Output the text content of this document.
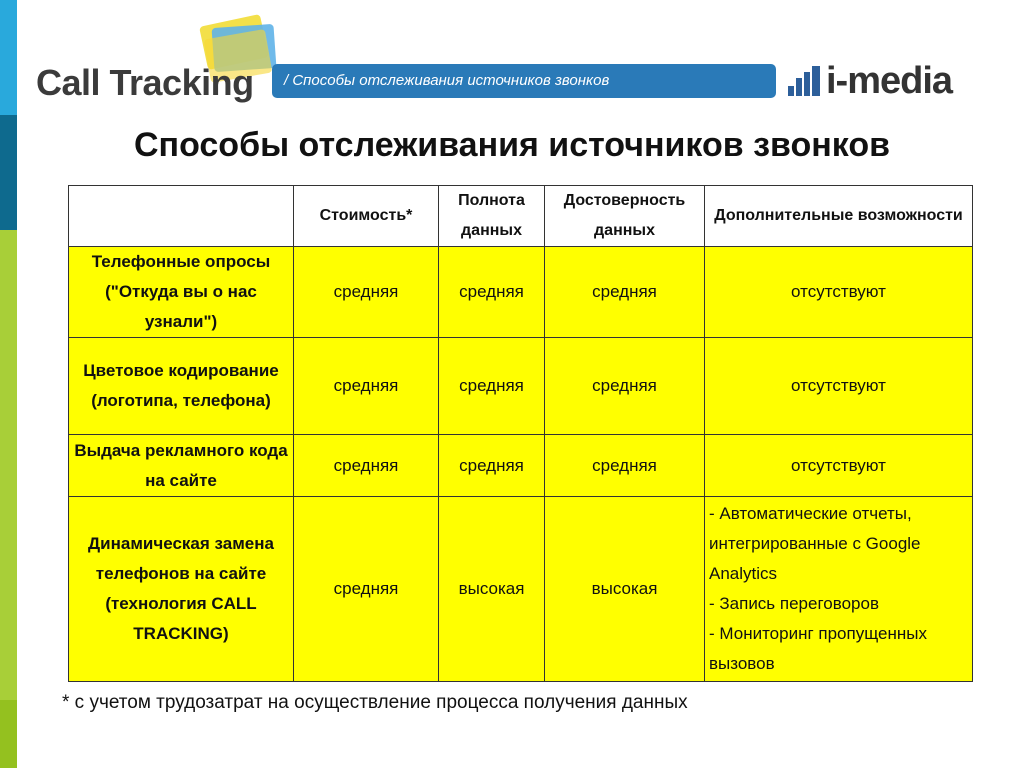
Call Tracking	/ Способы отслеживания источников звонков	i-media
Способы отслеживания источников звонков
	Стоимость*	Полнота данных	Достоверность данных	Дополнительные возможности
Телефонные опросы ("Откуда вы о нас узнали")	средняя	средняя	средняя	отсутствуют
Цветовое кодирование (логотипа, телефона)	средняя	средняя	средняя	отсутствуют
Выдача рекламного кода на сайте	средняя	средняя	средняя	отсутствуют
Динамическая замена телефонов на сайте (технология CALL TRACKING)	средняя	высокая	высокая	- Автоматические отчеты, интегрированные с Google Analytics
- Запись переговоров
- Мониторинг пропущенных вызовов
* с учетом трудозатрат на осуществление процесса получения данных
